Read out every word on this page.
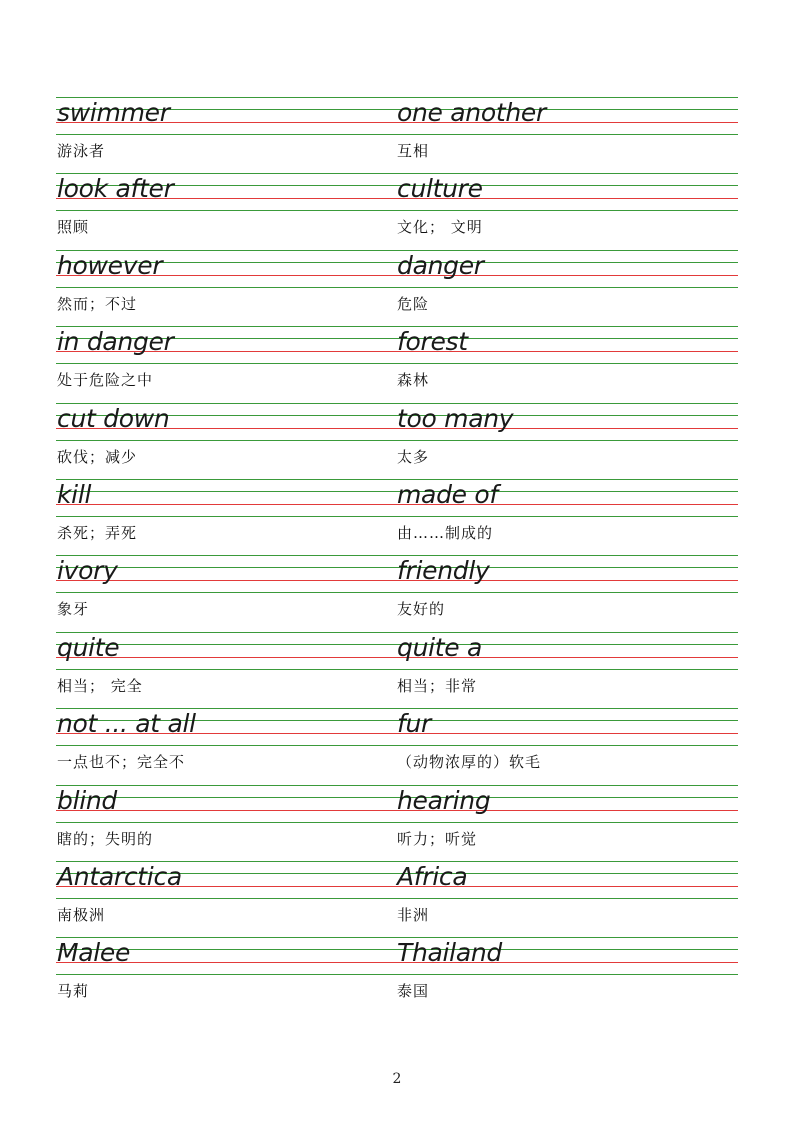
swimmer
游泳者
one another
互相
look after
照顾
culture
文化； 文明
however
然而；不过
danger
危险
in danger
处于危险之中
forest
森林
cut down
砍伐；减少
too many
太多
kill
杀死；弄死
made of
由……制成的
ivory
象牙
friendly
友好的
quite
相当； 完全
quite a
相当；非常
not ... at all
一点也不；完全不
fur
（动物浓厚的）软毛
blind
瞎的；失明的
hearing
听力；听觉
Antarctica
南极洲
Africa
非洲
Malee
马莉
Thailand
泰国
2
